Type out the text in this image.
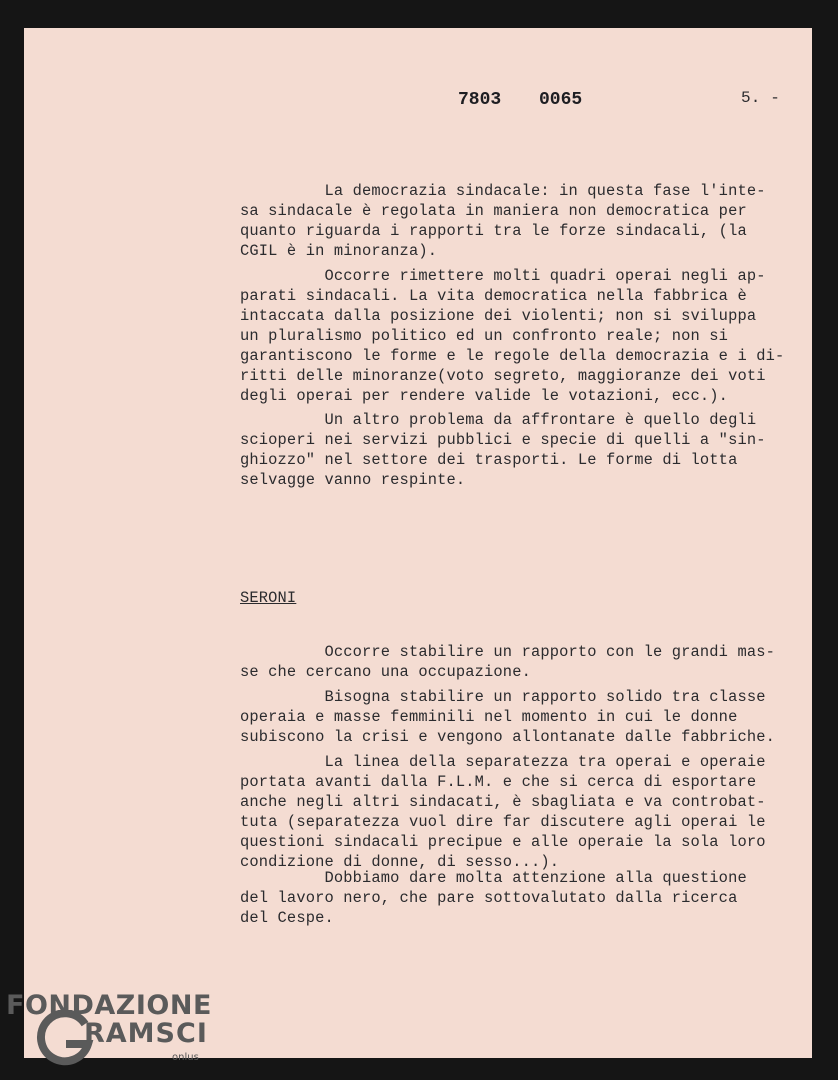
7803 0065	5. -
La democrazia sindacale: in questa fase l'inte-
sa sindacale è regolata in maniera non democratica per
quanto riguarda i rapporti tra le forze sindacali, (la
CGIL è in minoranza).
Occorre rimettere molti quadri operai negli ap-
parati sindacali. La vita democratica nella fabbrica è
intaccata dalla posizione dei violenti; non si sviluppa
un pluralismo politico ed un confronto reale; non si
garantiscono le forme e le regole della democrazia e i di-
ritti delle minoranze(voto segreto, maggioranze dei voti
degli operai per rendere valide le votazioni, ecc.).
Un altro problema da affrontare è quello degli
scioperi nei servizi pubblici e specie di quelli a "sin-
ghiozzo" nel settore dei trasporti. Le forme di lotta
selvagge vanno respinte.
SERONI
Occorre stabilire un rapporto con le grandi mas-
se che cercano una occupazione.
Bisogna stabilire un rapporto solido tra classe
operaia e masse femminili nel momento in cui le donne
subiscono la crisi e vengono allontanate dalle fabbriche.
La linea della separatezza tra operai e operaie
portata avanti dalla F.L.M. e che si cerca di esportare
anche negli altri sindacati, è sbagliata e va controbat-
tuta (separatezza vuol dire far discutere agli operai le
questioni sindacali precipue e alle operaie la sola loro
condizione di donne, di sesso...).
Dobbiamo dare molta attenzione alla questione
del lavoro nero, che pare sottovalutato dalla ricerca
del Cespe.
FONDAZIONE
RAMSCI
onlus
